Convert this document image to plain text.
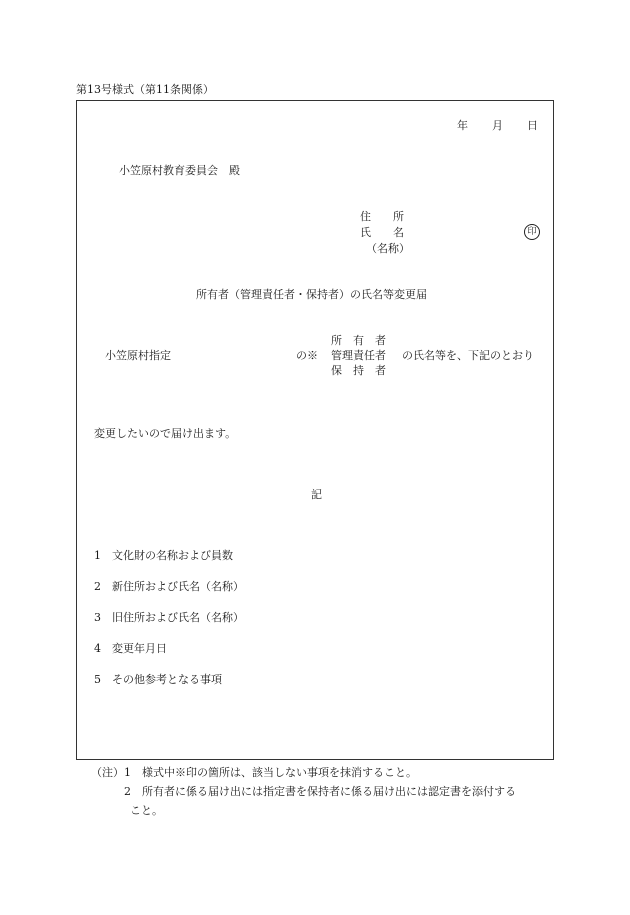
第13号様式（第11条関係）
年 月 日
小笠原村教育委員会　殿
住　　所
氏　　名
（名称）
印
所有者（管理責任者・保持者）の氏名等変更届
小笠原村指定	の※
所　有　者
管理責任者
保　持　者
の氏名等を、下記のとおり
変更したいので届け出ます。
記
1 文化財の名称および員数
2 新住所および氏名（名称）
3 旧住所および氏名（名称）
4 変更年月日
5 その他参考となる事項
（注） 1 様式中※印の箇所は、該当しない事項を抹消すること。
2 所有者に係る届け出には指定書を保持者に係る届け出には認定書を添付する
こと。
